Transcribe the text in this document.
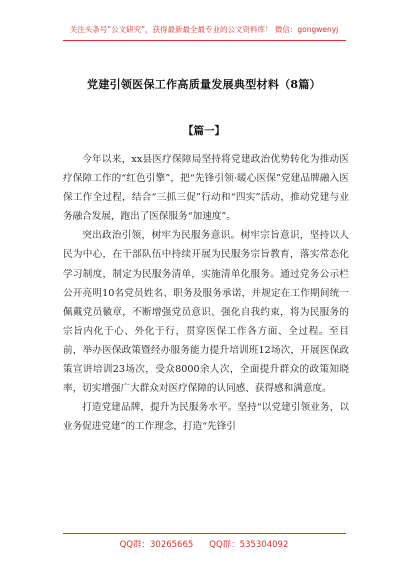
关注头条号“公文研究”，获得最新最全最专业的公文资料库！ 微信：gongwenyj
党建引领医保工作高质量发展典型材料（8篇）
【篇一】

今年以来，xx县医疗保障局坚持将党建政治优势转化为推动医疗保障工作的“红色引擎”，把“先锋引领·暖心医保”党建品牌融入医保工作全过程，结合“三抓三促”行动和“四实”活动，推动党建与业务融合发展，跑出了医保服务“加速度”。

突出政治引领，树牢为民服务意识。树牢宗旨意识，坚持以人民为中心，在干部队伍中持续开展为民服务宗旨教育，落实常态化学习制度，制定为民服务清单，实施清单化服务。通过党务公示栏公开亮明10名党员姓名、职务及服务承诺，并规定在工作期间统一佩戴党员徽章，不断增强党员意识、强化自我约束，将为民服务的宗旨内化于心、外化于行，贯穿医保工作各方面、全过程。至目前，举办医保政策暨经办服务能力提升培训班12场次，开展医保政策宣讲培训23场次，受众8000余人次，全面提升群众的政策知晓率，切实增强广大群众对医疗保障的认同感、获得感和满意度。

打造党建品牌，提升为民服务水平。坚持“以党建引领业务，以业务促进党建”的工作理念，打造“先锋引

QQ群：30265665 QQ群：535304092
